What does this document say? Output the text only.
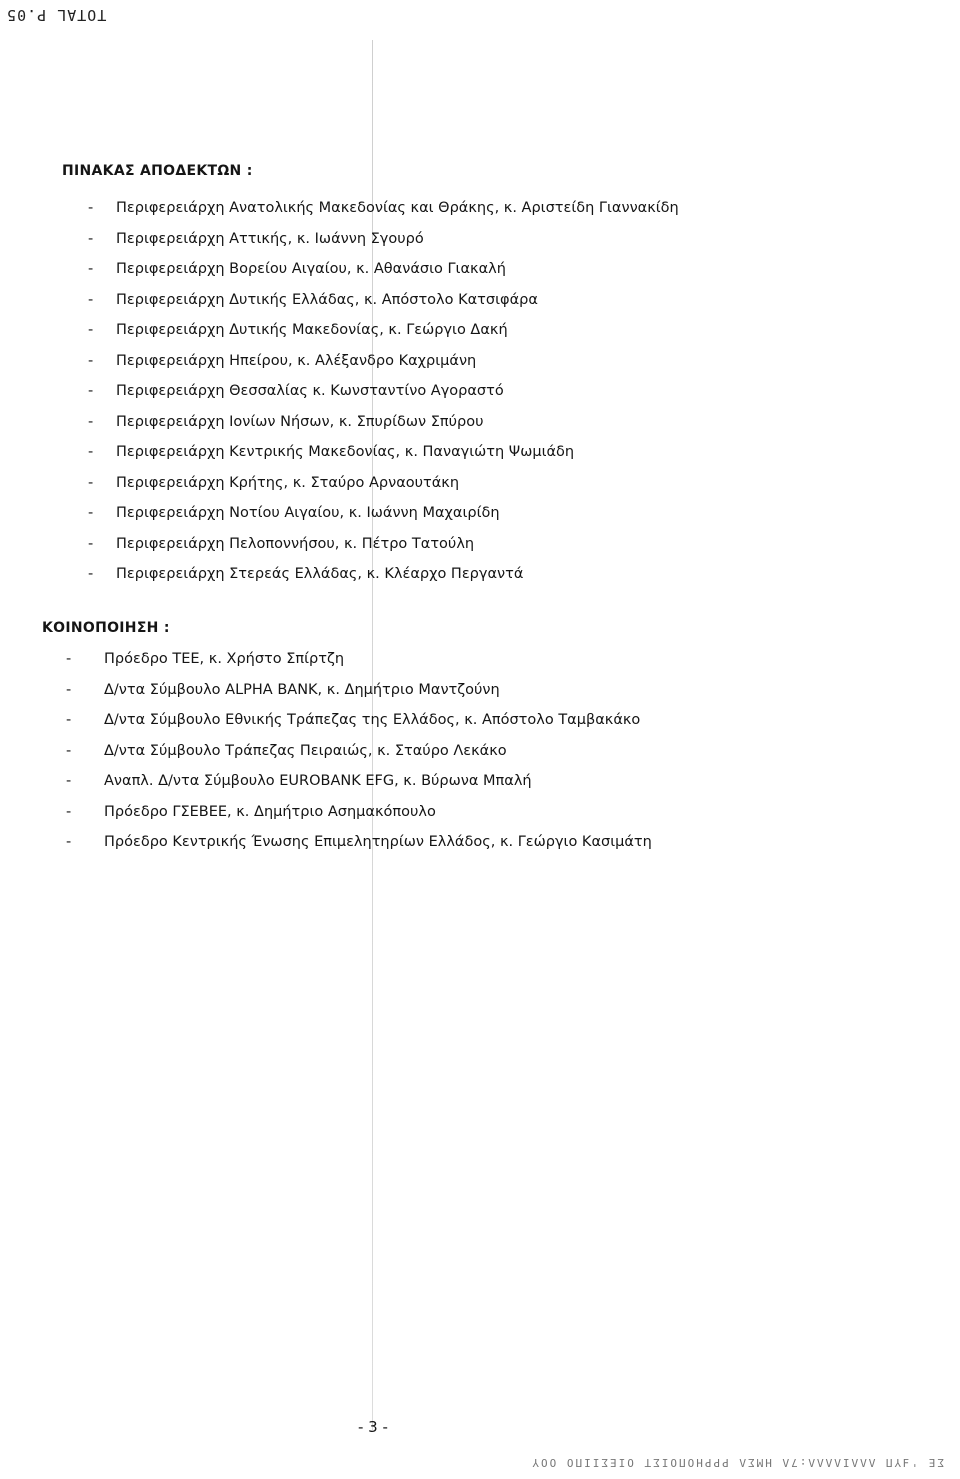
TOTAL P.05
ΠΙΝΑΚΑΣ ΑΠΟΔΕΚΤΩΝ :
- Περιφερειάρχη Ανατολικής Μακεδονίας και Θράκης, κ. Αριστείδη Γιαννακίδη
- Περιφερειάρχη Αττικής, κ. Ιωάννη Σγουρό
- Περιφερειάρχη Βορείου Αιγαίου, κ. Αθανάσιο Γιακαλή
- Περιφερειάρχη Δυτικής Ελλάδας, κ. Απόστολο Κατσιφάρα
- Περιφερειάρχη Δυτικής Μακεδονίας, κ. Γεώργιο Δακή
- Περιφερειάρχη Ηπείρου, κ. Αλέξανδρο Καχριμάνη
- Περιφερειάρχη Θεσσαλίας κ. Κωνσταντίνο Αγοραστό
- Περιφερειάρχη Ιονίων Νήσων, κ. Σπυρίδων Σπύρου
- Περιφερειάρχη Κεντρικής Μακεδονίας, κ. Παναγιώτη Ψωμιάδη
- Περιφερειάρχη Κρήτης, κ. Σταύρο Αρναουτάκη
- Περιφερειάρχη Νοτίου Αιγαίου, κ. Ιωάννη Μαχαιρίδη
- Περιφερειάρχη Πελοποννήσου, κ. Πέτρο Τατούλη
- Περιφερειάρχη Στερεάς Ελλάδας, κ. Κλέαρχο Περγαντά
ΚΟΙΝΟΠΟΙΗΣΗ :
- Πρόεδρο ΤΕΕ, κ. Χρήστο Σπίρτζη
- Δ/ντα Σύμβουλο ALPHA BANK, κ. Δημήτριο Μαντζούνη
- Δ/ντα Σύμβουλο Εθνικής Τράπεζας της Ελλάδος, κ. Απόστολο Ταμβακάκο
- Δ/ντα Σύμβουλο Τράπεζας Πειραιώς, κ. Σταύρο Λεκάκο
- Αναπλ. Δ/ντα Σύμβουλο EUROBANK EFG, κ. Βύρωνα Μπαλή
- Πρόεδρο ΓΣΕΒΕΕ, κ. Δημήτριο Ασημακόπουλο
- Πρόεδρο Κεντρικής Ένωσης Επιμελητηρίων Ελλάδος, κ. Γεώργιο Κασιμάτη
- 3 -
ΣΕ 'ℲΥΠ ΛΛΛΙΛΛΛΛ:7Λ HMΣΛ ΡΡΡΗΟΠΟΙΣΤ ΟΙΕΣΙΙΠΟ ΟΟΥ
